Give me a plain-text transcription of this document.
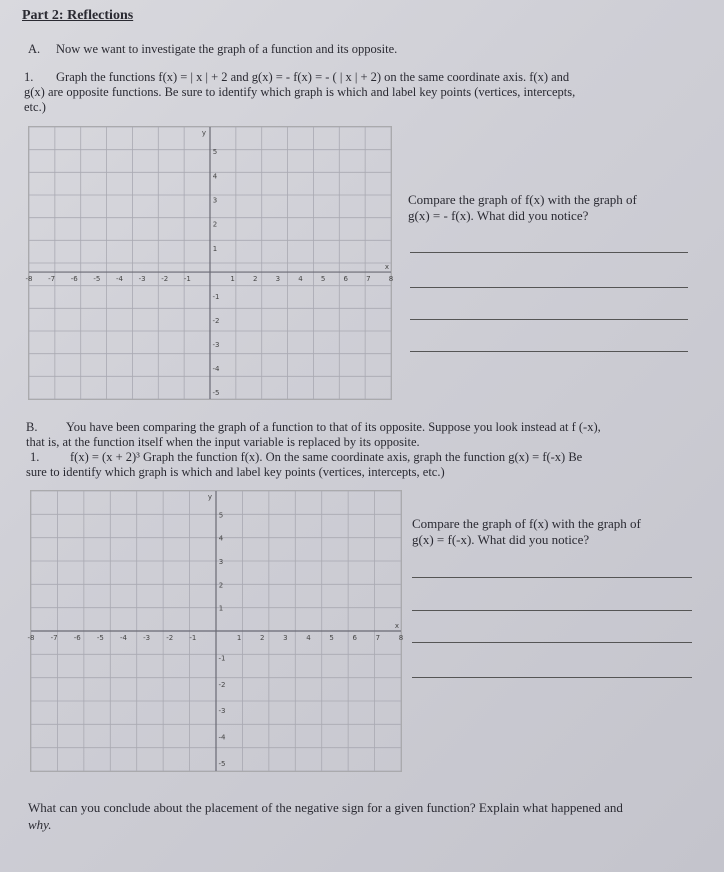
Part 2: Reflections
A. Now we want to investigate the graph of a function and its opposite.
1. Graph the functions f(x) = | x | + 2 and g(x) = - f(x) = - ( | x | + 2) on the same coordinate axis. f(x) and
g(x) are opposite functions. Be sure to identify which graph is which and label key points (vertices, intercepts,
etc.)
-8 -7 -6 -5 -4 -3 -2 -1	1	2	3	4	5	6	7	8
5
4
3
2
1
-1
-2
-3
-4
-5
y
x
Compare the graph of f(x) with the graph of
g(x) = - f(x). What did you notice?
B. You have been comparing the graph of a function to that of its opposite. Suppose you look instead at f (-x),
that is, at the function itself when the input variable is replaced by its opposite.
1. f(x) = (x + 2)³ Graph the function f(x). On the same coordinate axis, graph the function g(x) = f(-x) Be
sure to identify which graph is which and label key points (vertices, intercepts, etc.)
-8 -7 -6 -5 -4 -3 -2 -1	1	2	3	4	5	6	7	8
5
4
3
2
1
-1
-2
-3
-4
-5
y
x
Compare the graph of f(x) with the graph of
g(x) = f(-x). What did you notice?
What can you conclude about the placement of the negative sign for a given function? Explain what happened and
why.
